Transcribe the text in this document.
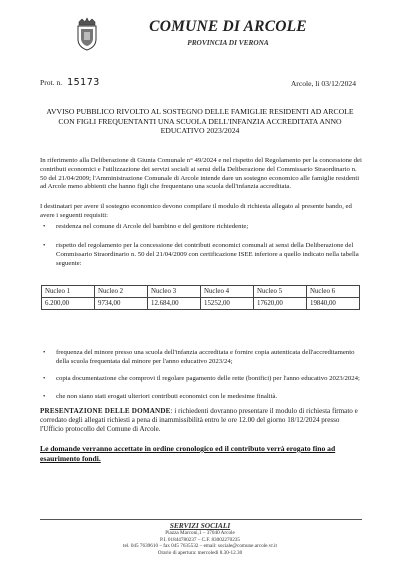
COMUNE DI ARCOLE
PROVINCIA DI VERONA
Prot. n. 15173	Arcole, li 03/12/2024
AVVISO PUBBLICO RIVOLTO AL SOSTEGNO DELLE FAMIGLIE RESIDENTI AD ARCOLE CON FIGLI FREQUENTANTI UNA SCUOLA DELL'INFANZIA ACCREDITATA ANNO EDUCATIVO 2023/2024
In riferimento alla Deliberazione di Giunta Comunale n° 49/2024 e nel rispetto del Regolamento per la concessione dei contributi economici e l'utilizzazione dei servizi sociali ai sensi della Deliberazione del Commissario Straordinario n. 50 del 21/04/2009; l'Amministrazione Comunale di Arcole intende dare un sostegno economico alle famiglie residenti ad Arcole meno abbienti che hanno figli che frequentano una scuola dell'infanzia accreditata.
I destinatari per avere il sostegno economico devono compilare il modulo di richiesta allegato al presente bando, ed avere i seguenti requisiti:
•	residenza nel comune di Arcole del bambino e del genitore richiedente;
•	rispetto del regolamento per la concessione dei contributi economici comunali ai sensi della Deliberazione del Commissario Straordinario n. 50 del 21/04/2009 con certificazione ISEE inferiore a quello indicato nella tabella seguente:
Nucleo 1	Nucleo 2	Nucleo 3	Nucleo 4	Nucleo 5	Nucleo 6
6.200,00	9734,00	12.684,00	15252,00	17620,00	19840,00
•	frequenza del minore presso una scuola dell'infanzia accreditata e fornire copia autenticata dell'accreditamento della scuola frequentata dal minore per l'anno educativo 2023/24;
•	copia documentazione che comprovi il regolare pagamento delle rette (bonifici) per l'anno educativo 2023/2024;
•	che non siano stati erogati ulteriori contributi economici con le medesime finalità.
PRESENTAZIONE DELLE DOMANDE: i richiedenti dovranno presentare il modulo di richiesta firmato e corredato degli allegati richiesti a pena di inammissibilità entro le ore 12.00 del giorno 18/12/2024 presso l'Ufficio protocollo del Comune di Arcole.
Le domande verranno accettate in ordine cronologico ed il contributo verrà erogato fino ad esaurimento fondi.
SERVIZI SOCIALI
Piazza Marconi,1 – 37040 Arcole
P.I. 01844780237 – C.F. 83002270235
tel. 045 7639610 – fax 045 7635532 – email: sociale@comune.arcole.vr.it
Orario di apertura: mercoledì 8.30-12.30
